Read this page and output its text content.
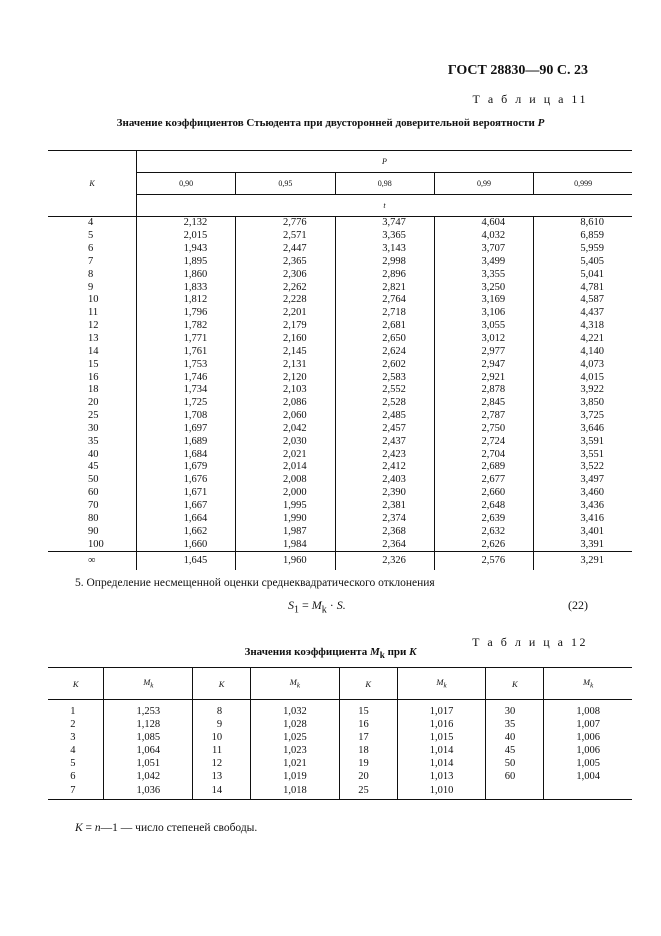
ГОСТ 28830—90 С. 23
Т а б л и ц а 11
Значение коэффициентов Стьюдента при двусторонней доверительной вероятности P
K	P				
	0,90	0,95	0,98	0,99	0,999
	t				
4	2,132	2,776	3,747	4,604	8,610
5	2,015	2,571	3,365	4,032	6,859
6	1,943	2,447	3,143	3,707	5,959
7	1,895	2,365	2,998	3,499	5,405
8	1,860	2,306	2,896	3,355	5,041
9	1,833	2,262	2,821	3,250	4,781
10	1,812	2,228	2,764	3,169	4,587
11	1,796	2,201	2,718	3,106	4,437
12	1,782	2,179	2,681	3,055	4,318
13	1,771	2,160	2,650	3,012	4,221
14	1,761	2,145	2,624	2,977	4,140
15	1,753	2,131	2,602	2,947	4,073
16	1,746	2,120	2,583	2,921	4,015
18	1,734	2,103	2,552	2,878	3,922
20	1,725	2,086	2,528	2,845	3,850
25	1,708	2,060	2,485	2,787	3,725
30	1,697	2,042	2,457	2,750	3,646
35	1,689	2,030	2,437	2,724	3,591
40	1,684	2,021	2,423	2,704	3,551
45	1,679	2,014	2,412	2,689	3,522
50	1,676	2,008	2,403	2,677	3,497
60	1,671	2,000	2,390	2,660	3,460
70	1,667	1,995	2,381	2,648	3,436
80	1,664	1,990	2,374	2,639	3,416
90	1,662	1,987	2,368	2,632	3,401
100	1,660	1,984	2,364	2,626	3,391
∞	1,645	1,960	2,326	2,576	3,291
5. Определение несмещенной оценки среднеквадратического отклонения
$S_1 = M_k \cdot S$.	(22)
Т а б л и ц а 12
Значения коэффициента $M_k$ при K
K	$M_k$	K	$M_k$	K	$M_k$	K	$M_k$
1	1,253	8	1,032	15	1,017	30	1,008
2	1,128	9	1,028	16	1,016	35	1,007
3	1,085	10	1,025	17	1,015	40	1,006
4	1,064	11	1,023	18	1,014	45	1,006
5	1,051	12	1,021	19	1,014	50	1,005
6	1,042	13	1,019	20	1,013	60	1,004
7	1,036	14	1,018	25	1,010		
K = n—1 — число степеней свободы.
